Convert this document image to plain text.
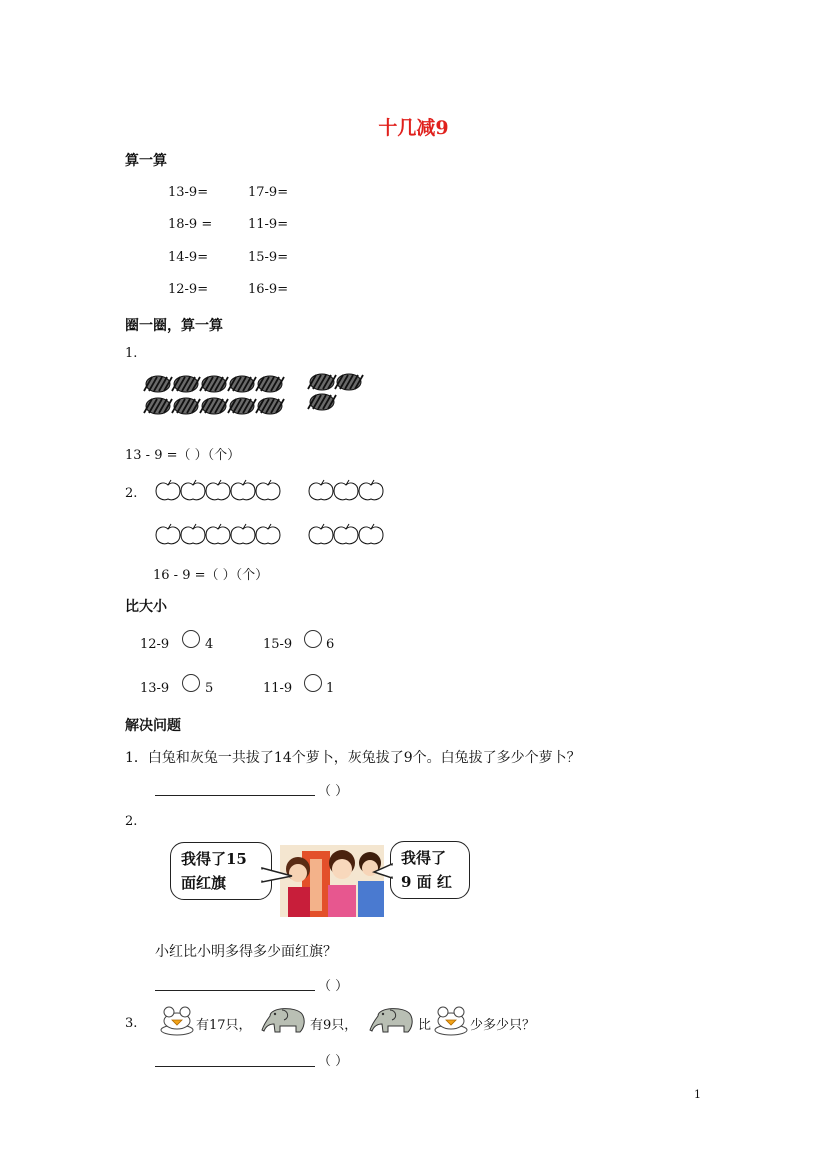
十几减9
算一算
13-9=	17-9=
18-9 =	11-9=
14-9=	15-9=
12-9=	16-9=
圈一圈，算一算
1.
13 - 9 =（ ）（个）
2.
16 - 9 =（ ）（个）
比大小
12-9	4	15-9	6
13-9	5	11-9	1
解决问题
1．白兔和灰兔一共拔了14个萝卜，灰兔拔了9个。白兔拔了多少个萝卜？
（ ）
2.
我得了15
面红旗
我得了
9 面 红
小红比小明多得多少面红旗？
（ ）
3.	有17只，	有9只，	比	少多少只？
（ ）
1
